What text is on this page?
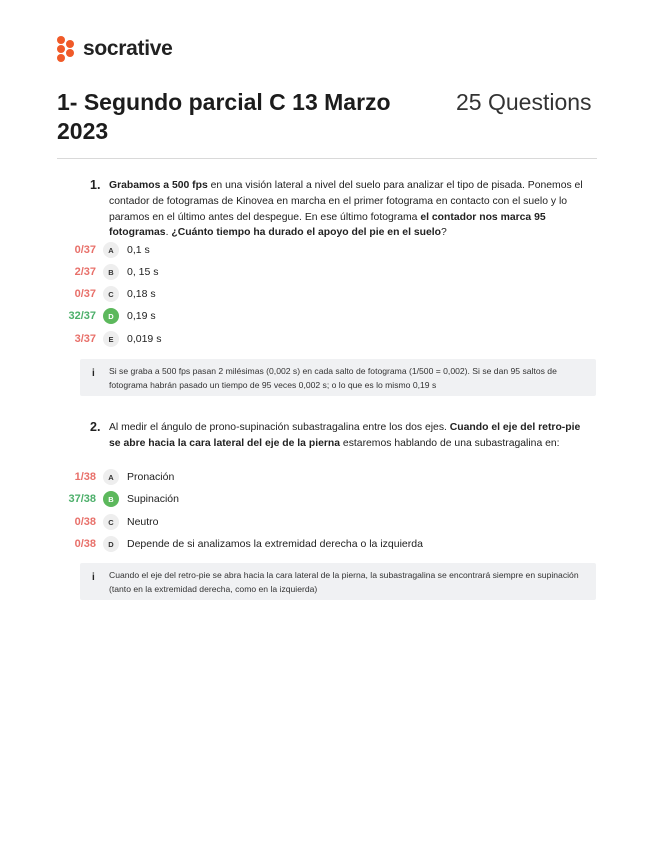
socrative
1- Segundo parcial C 13 Marzo 2023
25 Questions
1. Grabamos a 500 fps en una visión lateral a nivel del suelo para analizar el tipo de pisada. Ponemos el contador de fotogramas de Kinovea en marcha en el primer fotograma en contacto con el suelo y lo paramos en el último antes del despegue. En ese último fotograma el contador nos marca 95 fotogramas. ¿Cuánto tiempo ha durado el apoyo del pie en el suelo?
0/37	A	0,1 s
2/37	B	0, 15 s
0/37	C	0,18 s
32/37	D	0,19 s
3/37	E	0,019 s
i Si se graba a 500 fps pasan 2 milésimas (0,002 s) en cada salto de fotograma (1/500 = 0,002). Si se dan 95 saltos de fotograma habrán pasado un tiempo de 95 veces 0,002 s; o lo que es lo mismo 0,19 s
2. Al medir el ángulo de prono-supinación subastragalina entre los dos ejes. Cuando el eje del retro-pie se abre hacia la cara lateral del eje de la pierna estaremos hablando de una subastragalina en:
1/38	A	Pronación
37/38	B	Supinación
0/38	C	Neutro
0/38	D	Depende de si analizamos la extremidad derecha o la izquierda
i Cuando el eje del retro-pie se abra hacia la cara lateral de la pierna, la subastragalina se encontrará siempre en supinación (tanto en la extremidad derecha, como en la izquierda)
